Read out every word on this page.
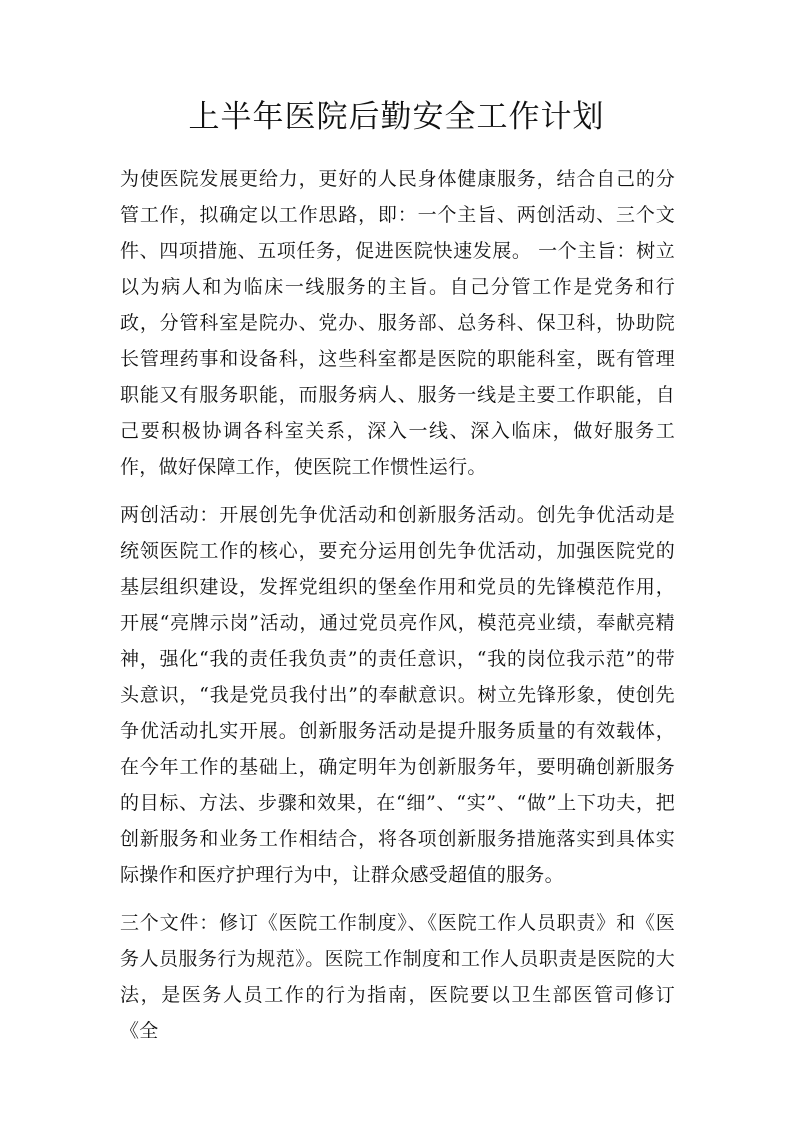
上半年医院后勤安全工作计划

为使医院发展更给力，更好的人民身体健康服务，结合自己的分管工作，拟确定以工作思路，即：一个主旨、两创活动、三个文件、四项措施、五项任务，促进医院快速发展。 一个主旨：树立以为病人和为临床一线服务的主旨。自己分管工作是党务和行政，分管科室是院办、党办、服务部、总务科、保卫科，协助院长管理药事和设备科，这些科室都是医院的职能科室，既有管理职能又有服务职能，而服务病人、服务一线是主要工作职能，自己要积极协调各科室关系，深入一线、深入临床，做好服务工作，做好保障工作，使医院工作惯性运行。

两创活动：开展创先争优活动和创新服务活动。创先争优活动是统领医院工作的核心，要充分运用创先争优活动，加强医院党的基层组织建设，发挥党组织的堡垒作用和党员的先锋模范作用，开展“亮牌示岗”活动，通过党员亮作风，模范亮业绩，奉献亮精神，强化“我的责任我负责”的责任意识，“我的岗位我示范”的带头意识，“我是党员我付出”的奉献意识。树立先锋形象，使创先争优活动扎实开展。创新服务活动是提升服务质量的有效载体，在今年工作的基础上，确定明年为创新服务年，要明确创新服务的目标、方法、步骤和效果，在“细”、“实”、“做”上下功夫，把创新服务和业务工作相结合，将各项创新服务措施落实到具体实际操作和医疗护理行为中，让群众感受超值的服务。

三个文件：修订《医院工作制度》、《医院工作人员职责》和《医务人员服务行为规范》。医院工作制度和工作人员职责是医院的大法，是医务人员工作的行为指南，医院要以卫生部医管司修订《全
